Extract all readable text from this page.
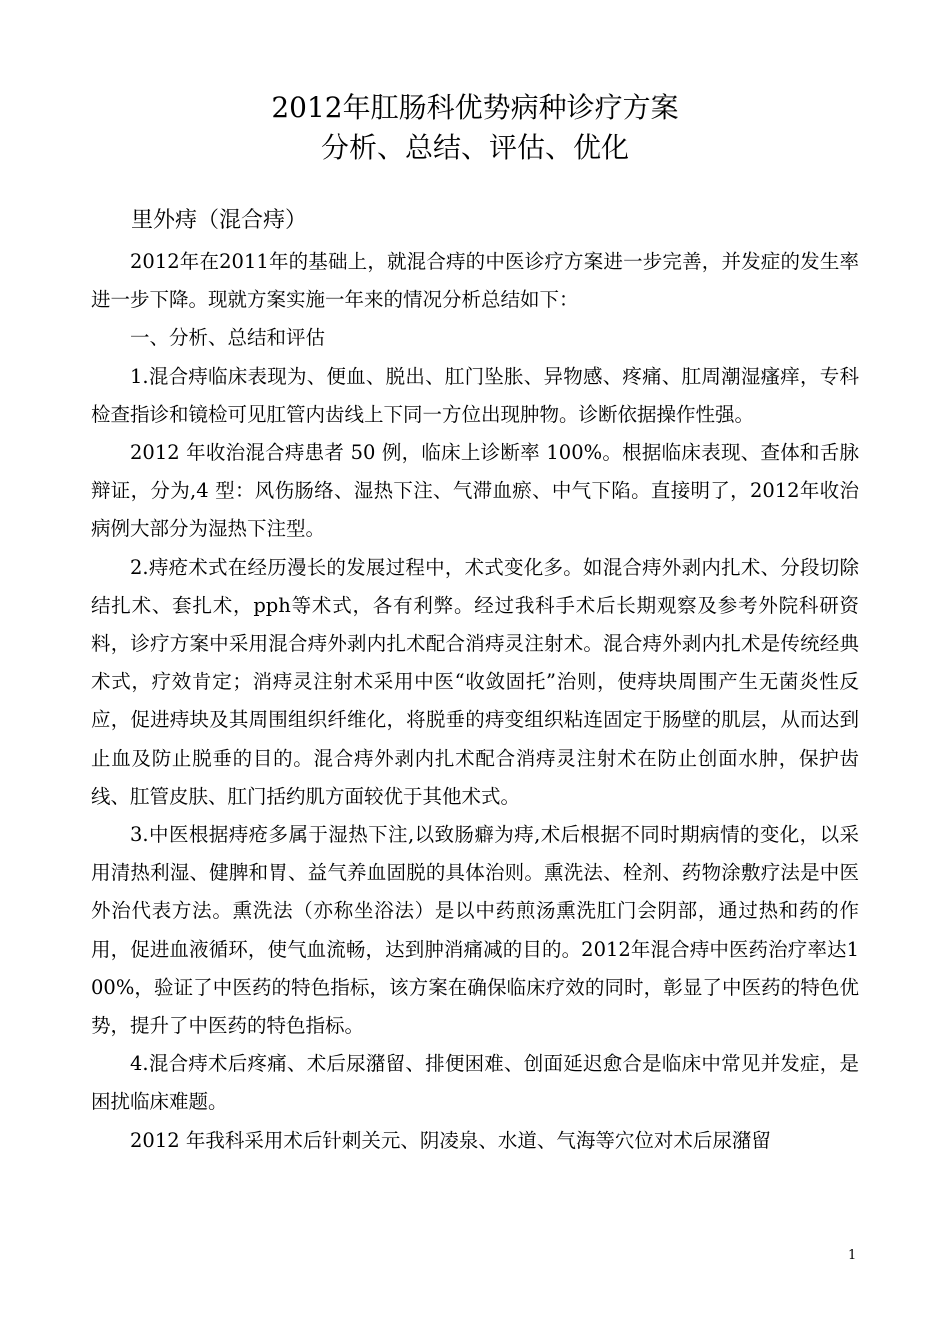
2012年肛肠科优势病种诊疗方案
分析、总结、评估、优化
里外痔（混合痔）

2012年在2011年的基础上，就混合痔的中医诊疗方案进一步完善，并发症的发生率进一步下降。现就方案实施一年来的情况分析总结如下：

一、分析、总结和评估

1.混合痔临床表现为、便血、脱出、肛门坠胀、异物感、疼痛、肛周潮湿瘙痒，专科检查指诊和镜检可见肛管内齿线上下同一方位出现肿物。诊断依据操作性强。

2012 年收治混合痔患者 50 例，临床上诊断率 100%。根据临床表现、查体和舌脉辩证，分为,4 型：风伤肠络、湿热下注、气滞血瘀、中气下陷。直接明了，2012年收治病例大部分为湿热下注型。

2.痔疮术式在经历漫长的发展过程中，术式变化多。如混合痔外剥内扎术、分段切除结扎术、套扎术，pph等术式，各有利弊。经过我科手术后长期观察及参考外院科研资料，诊疗方案中采用混合痔外剥内扎术配合消痔灵注射术。混合痔外剥内扎术是传统经典术式，疗效肯定；消痔灵注射术采用中医“收敛固托”治则，使痔块周围产生无菌炎性反应，促进痔块及其周围组织纤维化，将脱垂的痔变组织粘连固定于肠壁的肌层，从而达到止血及防止脱垂的目的。混合痔外剥内扎术配合消痔灵注射术在防止创面水肿，保护齿线、肛管皮肤、肛门括约肌方面较优于其他术式。

3.中医根据痔疮多属于湿热下注,以致肠癖为痔,术后根据不同时期病情的变化，以采用清热利湿、健脾和胃、益气养血固脱的具体治则。熏洗法、栓剂、药物涂敷疗法是中医外治代表方法。熏洗法（亦称坐浴法）是以中药煎汤熏洗肛门会阴部，通过热和药的作用，促进血液循环，使气血流畅，达到肿消痛减的目的。2012年混合痔中医药治疗率达100%，验证了中医药的特色指标，该方案在确保临床疗效的同时，彰显了中医药的特色优势，提升了中医药的特色指标。

4.混合痔术后疼痛、术后尿潴留、排便困难、创面延迟愈合是临床中常见并发症，是困扰临床难题。

2012 年我科采用术后针刺关元、阴凌泉、水道、气海等穴位对术后尿潴留

1
